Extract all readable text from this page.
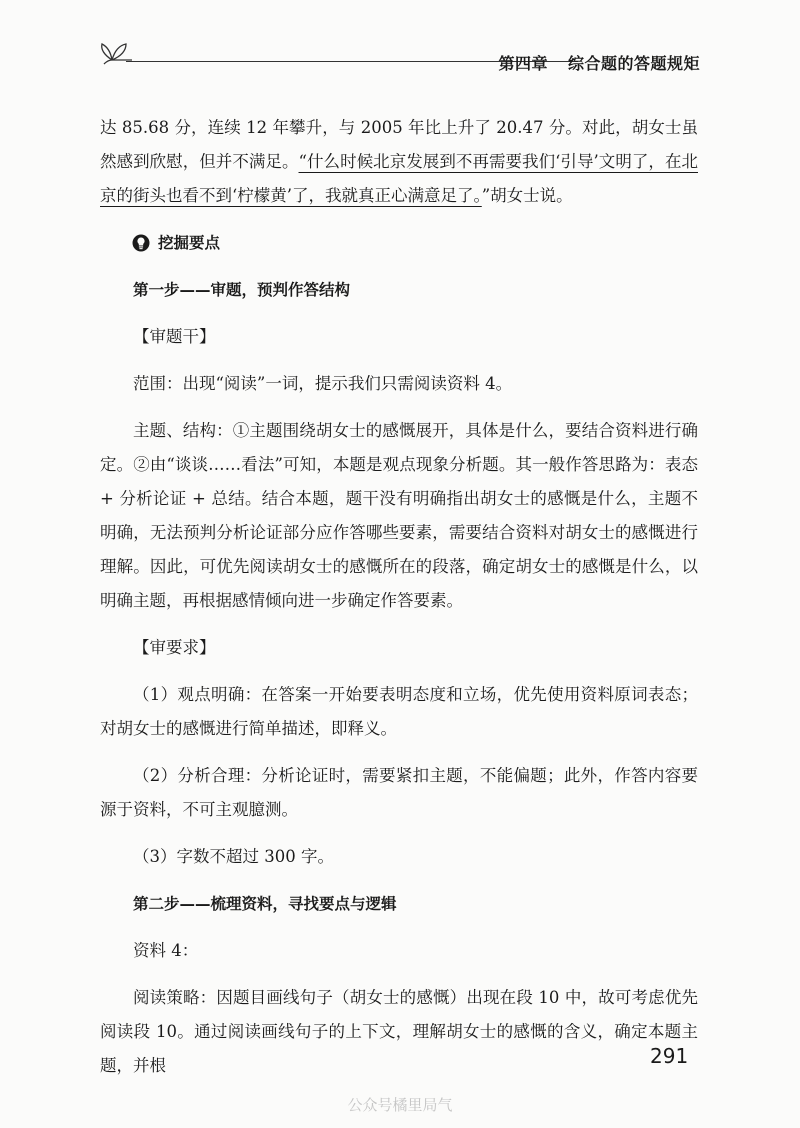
第四章 综合题的答题规矩

达 85.68 分，连续 12 年攀升，与 2005 年比上升了 20.47 分。对此，胡女士虽然感到欣慰，但并不满足。“什么时候北京发展到不再需要我们‘引导’文明了，在北京的街头也看不到‘柠檬黄’了，我就真正心满意足了。”胡女士说。

挖掘要点

第一步——审题，预判作答结构

【审题干】

范围：出现“阅读”一词，提示我们只需阅读资料 4。

主题、结构：①主题围绕胡女士的感慨展开，具体是什么，要结合资料进行确定。②由“谈谈……看法”可知，本题是观点现象分析题。其一般作答思路为：表态 + 分析论证 + 总结。结合本题，题干没有明确指出胡女士的感慨是什么，主题不明确，无法预判分析论证部分应作答哪些要素，需要结合资料对胡女士的感慨进行理解。因此，可优先阅读胡女士的感慨所在的段落，确定胡女士的感慨是什么，以明确主题，再根据感情倾向进一步确定作答要素。

【审要求】

（1）观点明确：在答案一开始要表明态度和立场，优先使用资料原词表态；对胡女士的感慨进行简单描述，即释义。

（2）分析合理：分析论证时，需要紧扣主题，不能偏题；此外，作答内容要源于资料，不可主观臆测。

（3）字数不超过 300 字。

第二步——梳理资料，寻找要点与逻辑

资料 4：

阅读策略：因题目画线句子（胡女士的感慨）出现在段 10 中，故可考虑优先阅读段 10。通过阅读画线句子的上下文，理解胡女士的感慨的含义，确定本题主题，并根	291
公众号橘里局气
